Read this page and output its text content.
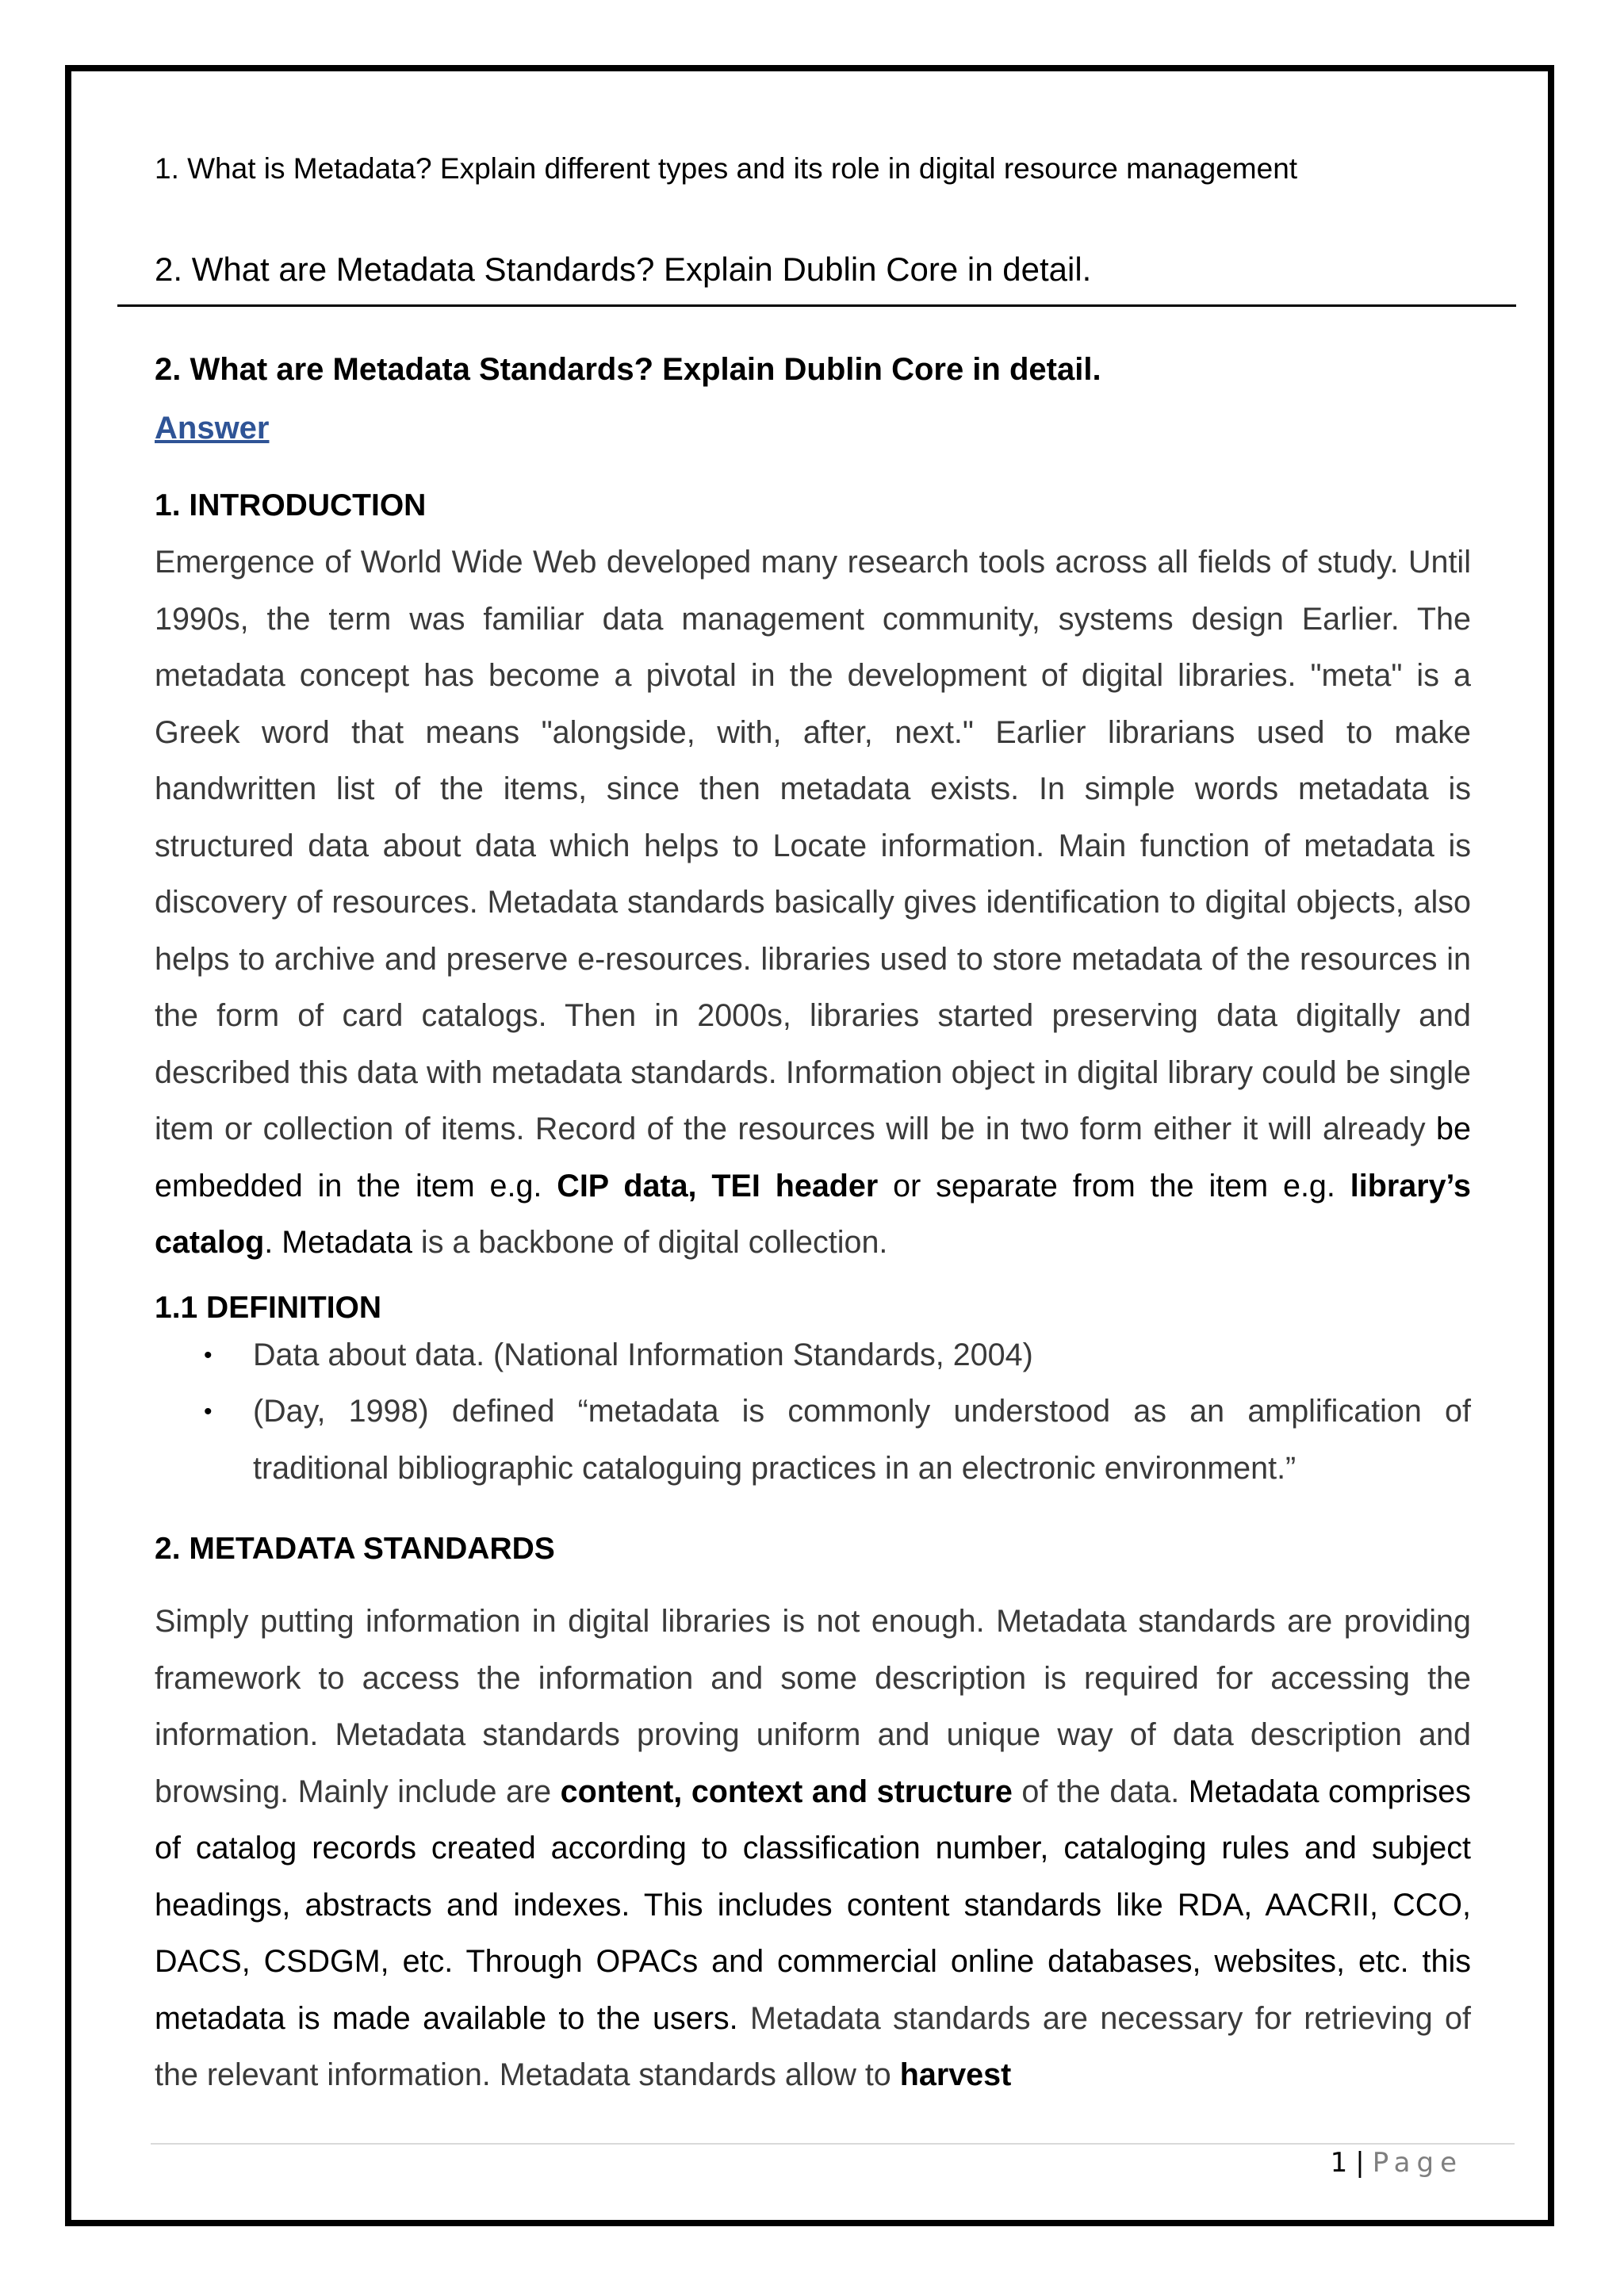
1. What is Metadata? Explain different types and its role in digital resource management
2. What are Metadata Standards? Explain Dublin Core in detail.

2. What are Metadata Standards? Explain Dublin Core in detail.

Answer

1. INTRODUCTION

Emergence of World Wide Web developed many research tools across all fields of study. Until 1990s, the term was familiar data management community, systems design Earlier. The metadata concept has become a pivotal in the development of digital libraries. "meta" is a Greek word that means "alongside, with, after, next." Earlier librarians used to make handwritten list of the items, since then metadata exists. In simple words metadata is structured data about data which helps to Locate information. Main function of metadata is discovery of resources. Metadata standards basically gives identification to digital objects, also helps to archive and preserve e-resources. libraries used to store metadata of the resources in the form of card catalogs. Then in 2000s, libraries started preserving data digitally and described this data with metadata standards. Information object in digital library could be single item or collection of items. Record of the resources will be in two form either it will already be embedded in the item e.g. CIP data, TEI header or separate from the item e.g. library’s catalog. Metadata is a backbone of digital collection.

1.1 DEFINITION

• Data about data. (National Information Standards, 2004)
• (Day, 1998) defined “metadata is commonly understood as an amplification of traditional bibliographic cataloguing practices in an electronic environment.”

2. METADATA STANDARDS

Simply putting information in digital libraries is not enough. Metadata standards are providing framework to access the information and some description is required for accessing the information. Metadata standards proving uniform and unique way of data description and browsing. Mainly include are content, context and structure of the data. Metadata comprises of catalog records created according to classification number, cataloging rules and subject headings, abstracts and indexes. This includes content standards like RDA, AACRII, CCO, DACS, CSDGM, etc. Through OPACs and commercial online databases, websites, etc. this metadata is made available to the users. Metadata standards are necessary for retrieving of the relevant information. Metadata standards allow to harvest

1 | Page
